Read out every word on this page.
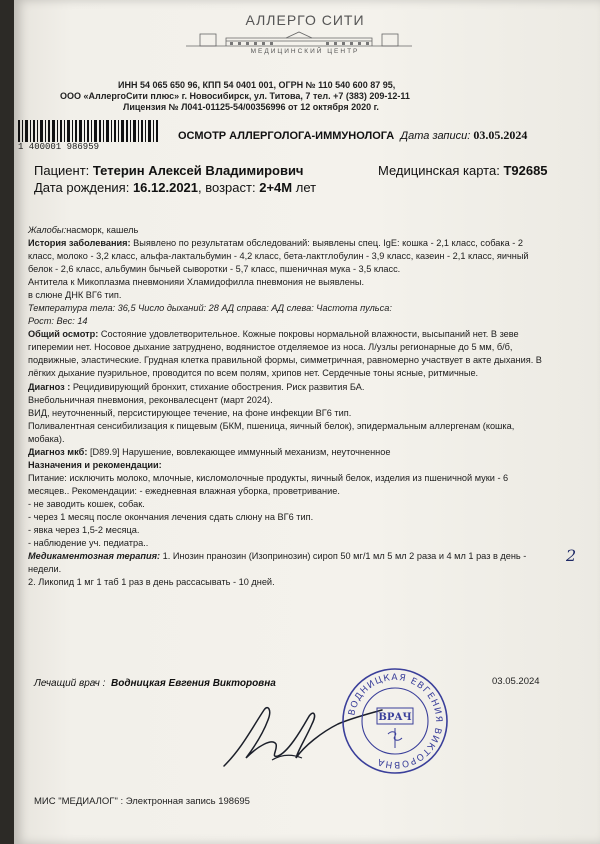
АЛЛЕРГО СИТИ
МЕДИЦИНСКИЙ ЦЕНТР
ИНН 54 065 650 96, КПП 54 0401 001, ОГРН № 110 540 600 87 95,
ООО «АллергоСити плюс» г. Новосибирск, ул. Титова, 7 тел. +7 (383) 209-12-11
Лицензия № Л041-01125-54/00356996 от 12 октября 2020 г.
1 400001 986959
ОСМОТР АЛЛЕРГОЛОГА-ИММУНОЛОГА Дата записи: 03.05.2024
Пациент: Тетерин Алексей Владимирович	Медицинская карта: Т92685
Дата рождения: 16.12.2021, возраст: 2+4М лет
Жалобы:насморк, кашель
История заболевания: Выявлено по результатам обследований: выявлены спец. IgE: кошка - 2,1 класс, собака - 2
класс, молоко - 3,2 класс, альфа-лактальбумин - 4,2 класс, бета-лактглобулин - 3,9 класс, казеин - 2,1 класс, яичный
белок - 2,6 класс, альбумин бычьей сыворотки - 5,7 класс, пшеничная мука - 3,5 класс.
Антитела к Микоплазма пневмонияи Хламидофилла пневмония не выявлены.
в слюне ДНК ВГ6 тип.
Температура тела: 36,5 Число дыханий: 28 АД справа: АД слева: Частота пульса:
Рост: Вес: 14
Общий осмотр: Состояние удовлетворительное. Кожные покровы нормальной влажности, высыпаний нет. В зеве
гиперемии нет. Носовое дыхание затруднено, водянистое отделяемое из носа. Л/узлы регионарные до 5 мм, б/б,
подвижные, эластические. Грудная клетка правильной формы, симметричная, равномерно участвует в акте дыхания. В
лёгких дыхание пуэрильное, проводится по всем полям, хрипов нет. Сердечные тоны ясные, ритмичные.
Диагноз : Рецидивирующий бронхит, стихание обострения. Риск развития БА.
Внебольничная пневмония, реконвалесцент (март 2024).
ВИД, неуточненный, персистирующее течение, на фоне инфекции ВГ6 тип.
Поливалентная сенсибилизация к пищевым (БКМ, пшеница, яичный белок), эпидермальным аллергенам (кошка,
мобака).
Диагноз мкб: [D89.9] Нарушение, вовлекающее иммунный механизм, неуточненное
Назначения и рекомендации:
Питание: исключить молоко, млочные, кисломолочные продукты, яичный белок, изделия из пшеничной муки - 6
месяцев.. Рекомендации: - ежедневная влажная уборка, проветривание.
- не заводить кошек, собак.
- через 1 месяц после окончания лечения сдать слюну на ВГ6 тип.
- явка через 1,5-2 месяца.
- наблюдение уч. педиатра..
Медикаментозная терапия: 1. Инозин пранозин (Изопринозин) сироп 50 мг/1 мл 5 мл 2 раза и 4 мл 1 раз в день - 2
недели.
2. Ликопид 1 мг 1 таб 1 раз в день рассасывать - 10 дней.
Лечащий врач : Водницкая Евгения Викторовна	03.05.2024
ВОДНИЦКАЯ ЕВГЕНИЯ ВИКТОРОВНА
ВРАЧ
МИС "МЕДИАЛОГ" : Электронная запись 198695
